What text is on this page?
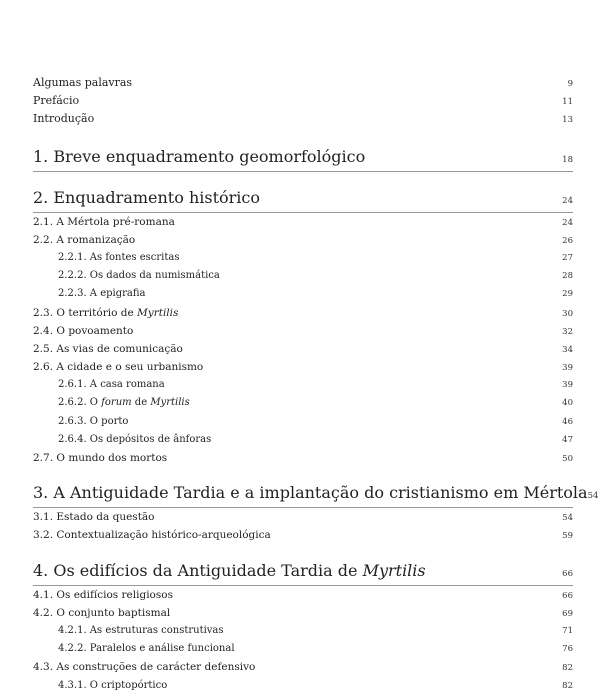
Algumas palavras	9
Prefácio	11
Introdução	13
1. Breve enquadramento geomorfológico	18
2. Enquadramento histórico	24
2.1. A Mértola pré-romana	24
2.2. A romanização	26
2.2.1. As fontes escritas	27
2.2.2. Os dados da numismática	28
2.2.3. A epigrafia	29
2.3. O território de Myrtilis	30
2.4. O povoamento	32
2.5. As vias de comunicação	34
2.6. A cidade e o seu urbanismo	39
2.6.1. A casa romana	39
2.6.2. O forum de Myrtilis	40
2.6.3. O porto	46
2.6.4. Os depósitos de ânforas	47
2.7. O mundo dos mortos	50
3. A Antiguidade Tardia e a implantação do cristianismo em Mértola 54
3.1. Estado da questão	54
3.2. Contextualização histórico-arqueológica	59
4. Os edifícios da Antiguidade Tardia de Myrtilis	66
4.1. Os edifícios religiosos	66
4.2. O conjunto baptismal	69
4.2.1. As estruturas construtivas	71
4.2.2. Paralelos e análise funcional	76
4.3. As construções de carácter defensivo	82
4.3.1. O criptopórtico	82
